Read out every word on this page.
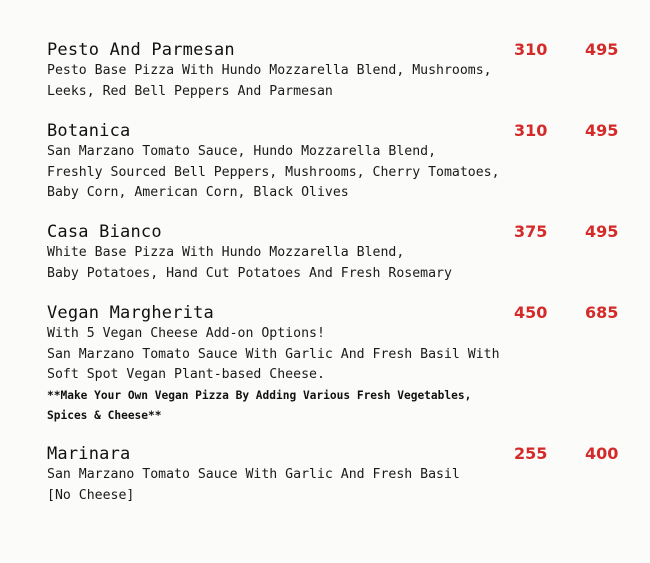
Pesto And Parmesan	310 495
Pesto Base Pizza With Hundo Mozzarella Blend, Mushrooms,
Leeks, Red Bell Peppers And Parmesan
Botanica	310 495
San Marzano Tomato Sauce, Hundo Mozzarella Blend,
Freshly Sourced Bell Peppers, Mushrooms, Cherry Tomatoes,
Baby Corn, American Corn, Black Olives
Casa Bianco	375 495
White Base Pizza With Hundo Mozzarella Blend,
Baby Potatoes, Hand Cut Potatoes And Fresh Rosemary
Vegan Margherita	450 685
With 5 Vegan Cheese Add-on Options!
San Marzano Tomato Sauce With Garlic And Fresh Basil With
Soft Spot Vegan Plant-based Cheese.
**Make Your Own Vegan Pizza By Adding Various Fresh Vegetables,
Spices & Cheese**
Marinara	255 400
San Marzano Tomato Sauce With Garlic And Fresh Basil
[No Cheese]
